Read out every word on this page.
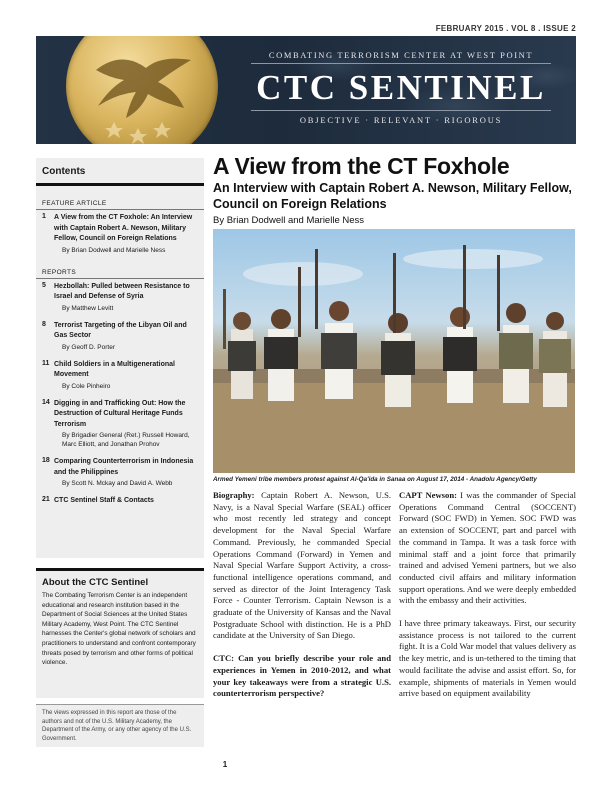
FEBRUARY 2015 . VOL 8 . ISSUE 2
COMBATING TERRORISM CENTER AT WEST POINT
CTC SENTINEL
OBJECTIVE · RELEVANT · RIGOROUS
Contents
FEATURE ARTICLE
1	A View from the CT Foxhole: An Interview with Captain Robert A. Newson, Military Fellow, Council on Foreign Relations
By Brian Dodwell and Marielle Ness
REPORTS
5	Hezbollah: Pulled between Resistance to Israel and Defense of Syria
By Matthew Levitt
8	Terrorist Targeting of the Libyan Oil and Gas Sector
By Geoff D. Porter
11 Child Soldiers in a Multigenerational Movement
By Cole Pinheiro
14 Digging in and Trafficking Out: How the Destruction of Cultural Heritage Funds Terrorism
By Brigadier General (Ret.) Russell Howard, Marc Elliott, and Jonathan Prohov
18 Comparing Counterterrorism in Indonesia and the Philippines
By Scott N. Mckay and David A. Webb
21 CTC Sentinel Staff & Contacts
About the CTC Sentinel
The Combating Terrorism Center is an independent educational and research institution based in the Department of Social Sciences at the United States Military Academy, West Point. The CTC Sentinel harnesses the Center's global network of scholars and practitioners to understand and confront contemporary threats posed by terrorism and other forms of political violence.
The views expressed in this report are those of the authors and not of the U.S. Military Academy, the Department of the Army, or any other agency of the U.S. Government.
A View from the CT Foxhole
An Interview with Captain Robert A. Newson, Military Fellow, Council on Foreign Relations
By Brian Dodwell and Marielle Ness
Armed Yemeni tribe members protest against Al-Qa'ida in Sanaa on August 17, 2014 - Anadolu Agency/Getty

Biography: Captain Robert A. Newson, U.S. Navy, is a Naval Special Warfare (SEAL) officer who most recently led strategy and concept development for the Naval Special Warfare Command. Previously, he commanded Special Operations Command (Forward) in Yemen and Naval Special Warfare Support Activity, a cross-functional intelligence operations command, and served as director of the Joint Interagency Task Force - Counter Terrorism. Captain Newson is a graduate of the University of Kansas and the Naval Postgraduate School with distinction. He is a PhD candidate at the University of San Diego.

CTC: Can you briefly describe your role and experiences in Yemen in 2010-2012, and what your key takeaways were from a strategic U.S. counterterrorism perspective?

CAPT Newson: I was the commander of Special Operations Command Central (SOCCENT) Forward (SOC FWD) in Yemen. SOC FWD was an extension of SOCCENT, part and parcel with the command in Tampa. It was a task force with minimal staff and a joint force that primarily trained and advised Yemeni partners, but we also conducted civil affairs and military information support operations. And we were deeply embedded with the embassy and their activities.

I have three primary takeaways. First, our security assistance process is not tailored to the current fight. It is a Cold War model that values delivery as the key metric, and is un-tethered to the timing that would facilitate the advise and assist effort. So, for example, shipments of materials in Yemen would arrive based on equipment availability

1
